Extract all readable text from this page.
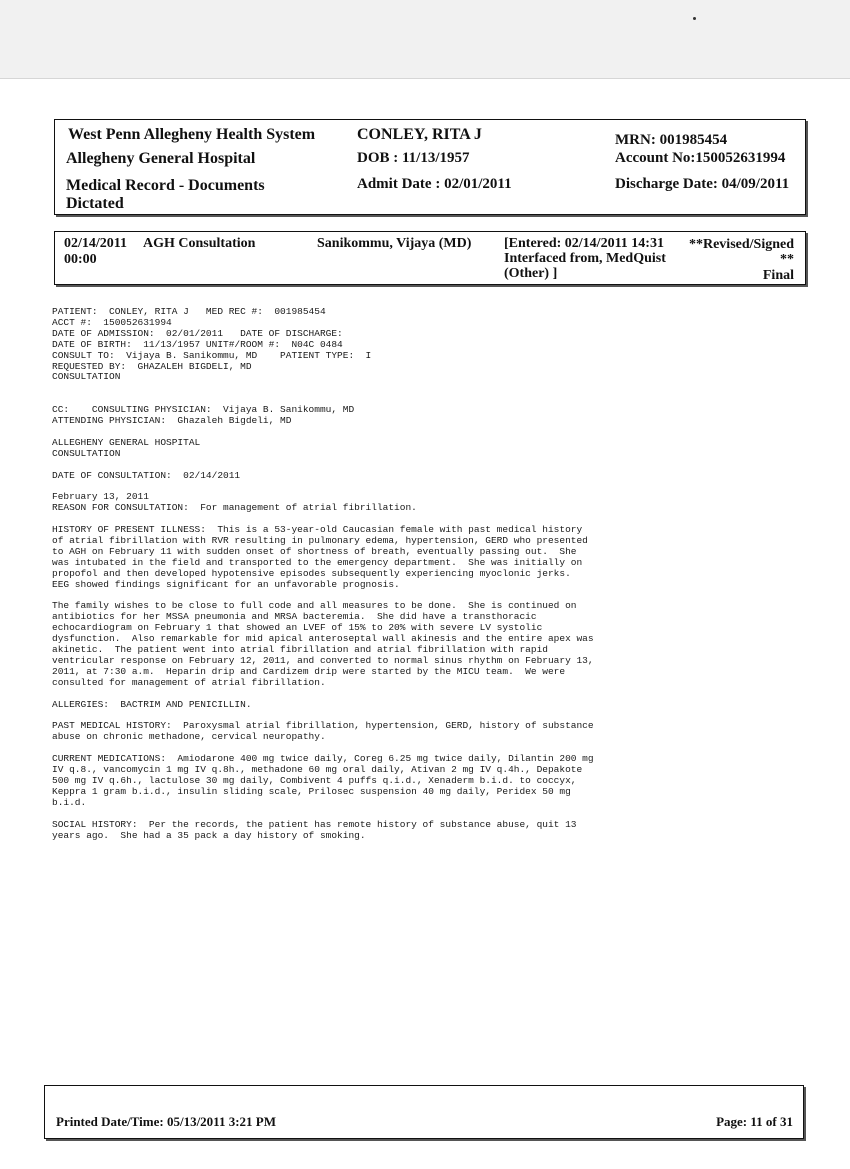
West Penn Allegheny Health System
Allegheny General Hospital
Medical Record - Documents
Dictated
CONLEY, RITA J
DOB : 11/13/1957
Admit Date : 02/01/2011
MRN: 001985454
Account No:150052631994
Discharge Date: 04/09/2011
02/14/2011
00:00
AGH Consultation	Sanikommu, Vijaya (MD) [Entered: 02/14/2011 14:31
Interfaced from, MedQuist
(Other) ]
**Revised/Signed
**
Final
PATIENT:  CONLEY, RITA J   MED REC #:  001985454
ACCT #:  150052631994
DATE OF ADMISSION:  02/01/2011   DATE OF DISCHARGE:
DATE OF BIRTH:  11/13/1957 UNIT#/ROOM #:  N04C 0484
CONSULT TO:  Vijaya B. Sanikommu, MD    PATIENT TYPE:  I
REQUESTED BY:  GHAZALEH BIGDELI, MD
CONSULTATION

CC:    CONSULTING PHYSICIAN:  Vijaya B. Sanikommu, MD
ATTENDING PHYSICIAN:  Ghazaleh Bigdeli, MD

ALLEGHENY GENERAL HOSPITAL
CONSULTATION

DATE OF CONSULTATION:  02/14/2011

February 13, 2011
REASON FOR CONSULTATION:  For management of atrial fibrillation.

HISTORY OF PRESENT ILLNESS:  This is a 53-year-old Caucasian female with past medical history
of atrial fibrillation with RVR resulting in pulmonary edema, hypertension, GERD who presented
to AGH on February 11 with sudden onset of shortness of breath, eventually passing out.  She
was intubated in the field and transported to the emergency department.  She was initially on
propofol and then developed hypotensive episodes subsequently experiencing myoclonic jerks.
EEG showed findings significant for an unfavorable prognosis.

The family wishes to be close to full code and all measures to be done.  She is continued on
antibiotics for her MSSA pneumonia and MRSA bacteremia.  She did have a transthoracic
echocardiogram on February 1 that showed an LVEF of 15% to 20% with severe LV systolic
dysfunction.  Also remarkable for mid apical anteroseptal wall akinesis and the entire apex was
akinetic.  The patient went into atrial fibrillation and atrial fibrillation with rapid
ventricular response on February 12, 2011, and converted to normal sinus rhythm on February 13,
2011, at 7:30 a.m.  Heparin drip and Cardizem drip were started by the MICU team.  We were
consulted for management of atrial fibrillation.

ALLERGIES:  BACTRIM AND PENICILLIN.

PAST MEDICAL HISTORY:  Paroxysmal atrial fibrillation, hypertension, GERD, history of substance
abuse on chronic methadone, cervical neuropathy.

CURRENT MEDICATIONS:  Amiodarone 400 mg twice daily, Coreg 6.25 mg twice daily, Dilantin 200 mg
IV q.8., vancomycin 1 mg IV q.8h., methadone 60 mg oral daily, Ativan 2 mg IV q.4h., Depakote
500 mg IV q.6h., lactulose 30 mg daily, Combivent 4 puffs q.i.d., Xenaderm b.i.d. to coccyx,
Keppra 1 gram b.i.d., insulin sliding scale, Prilosec suspension 40 mg daily, Peridex 50 mg
b.i.d.

SOCIAL HISTORY:  Per the records, the patient has remote history of substance abuse, quit 13
years ago.  She had a 35 pack a day history of smoking.
Printed Date/Time: 05/13/2011 3:21 PM	Page: 11 of 31
